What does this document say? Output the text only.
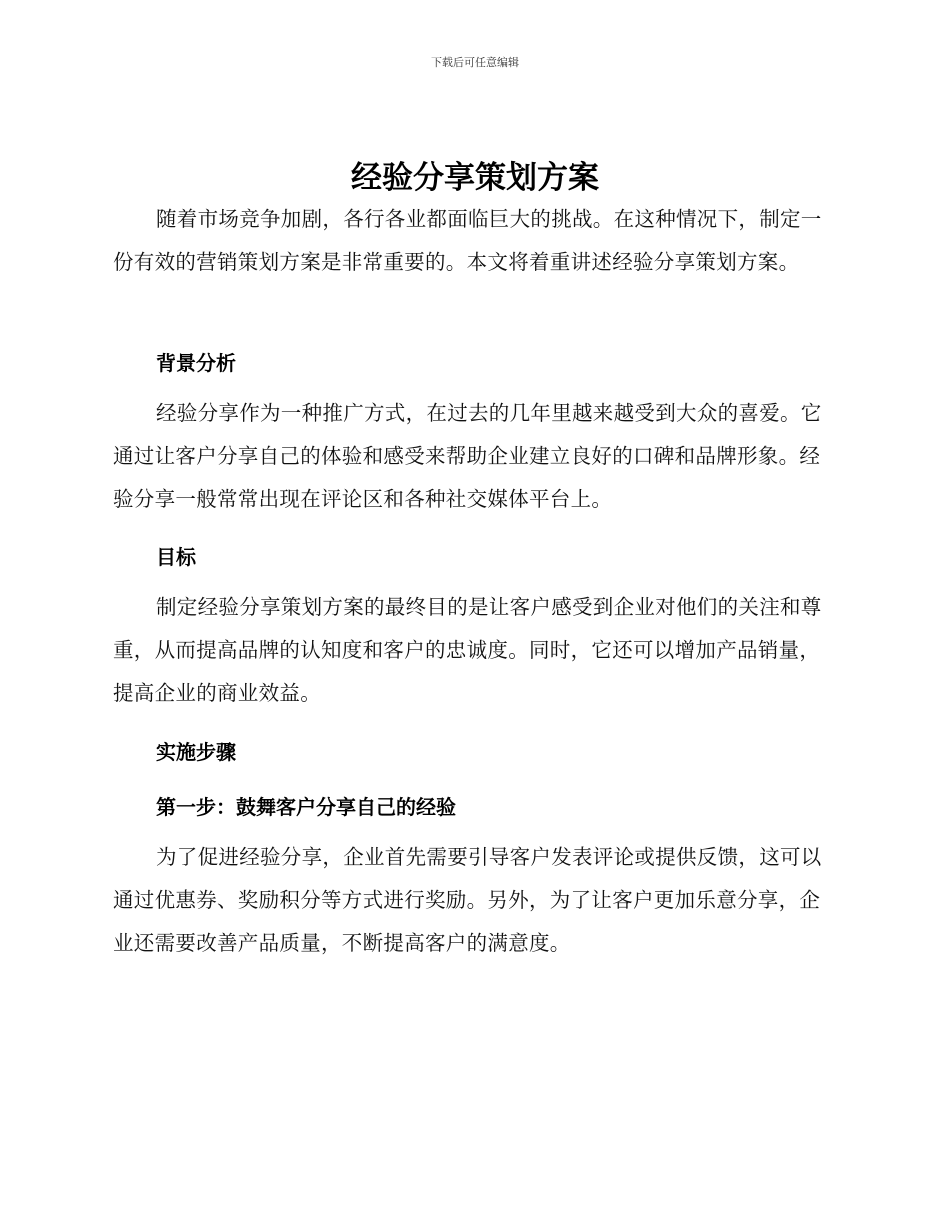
下载后可任意编辑
经验分享策划方案

随着市场竞争加剧，各行各业都面临巨大的挑战。在这种情况下，制定一份有效的营销策划方案是非常重要的。本文将着重讲述经验分享策划方案。

背景分析

经验分享作为一种推广方式，在过去的几年里越来越受到大众的喜爱。它通过让客户分享自己的体验和感受来帮助企业建立良好的口碑和品牌形象。经验分享一般常常出现在评论区和各种社交媒体平台上。

目标

制定经验分享策划方案的最终目的是让客户感受到企业对他们的关注和尊重，从而提高品牌的认知度和客户的忠诚度。同时，它还可以增加产品销量，提高企业的商业效益。

实施步骤
第一步：鼓舞客户分享自己的经验

为了促进经验分享，企业首先需要引导客户发表评论或提供反馈，这可以通过优惠券、奖励积分等方式进行奖励。另外，为了让客户更加乐意分享，企业还需要改善产品质量，不断提高客户的满意度。
